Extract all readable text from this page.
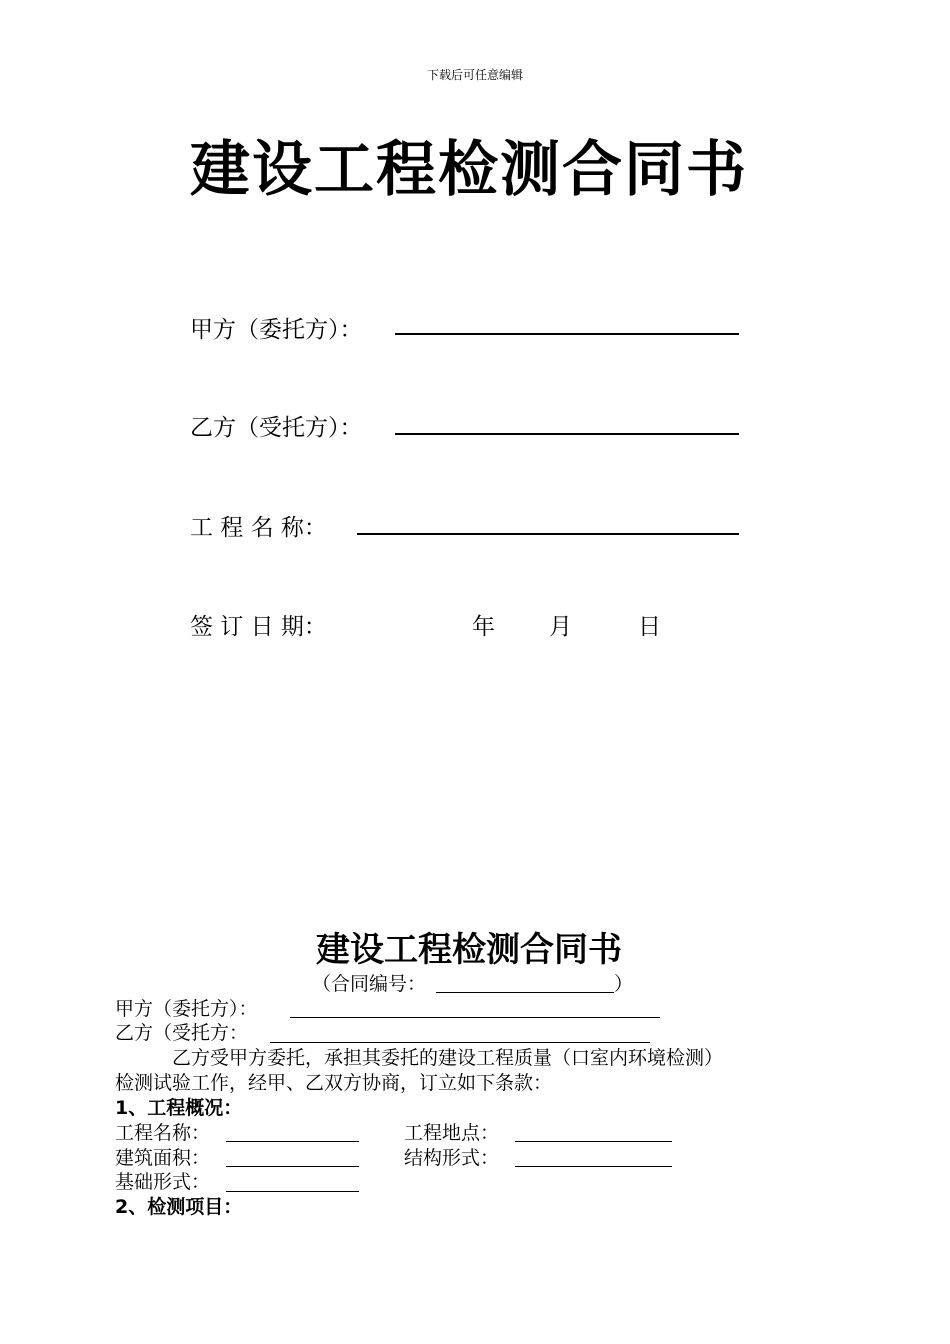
下载后可任意编辑
建设工程检测合同书
甲方（委托方）：
乙方（受托方）：
工 程 名 称：
签 订 日 期：	年 月	日
建设工程检测合同书
（合同编号：	）
甲方（委托方）：
乙方（受托方：
乙方受甲方委托，承担其委托的建设工程质量（口室内环境检测）
检测试验工作，经甲、乙双方协商，订立如下条款：
1、工程概况：
工程名称：	工程地点：
建筑面积：	结构形式：
基础形式：
2、检测项目：
